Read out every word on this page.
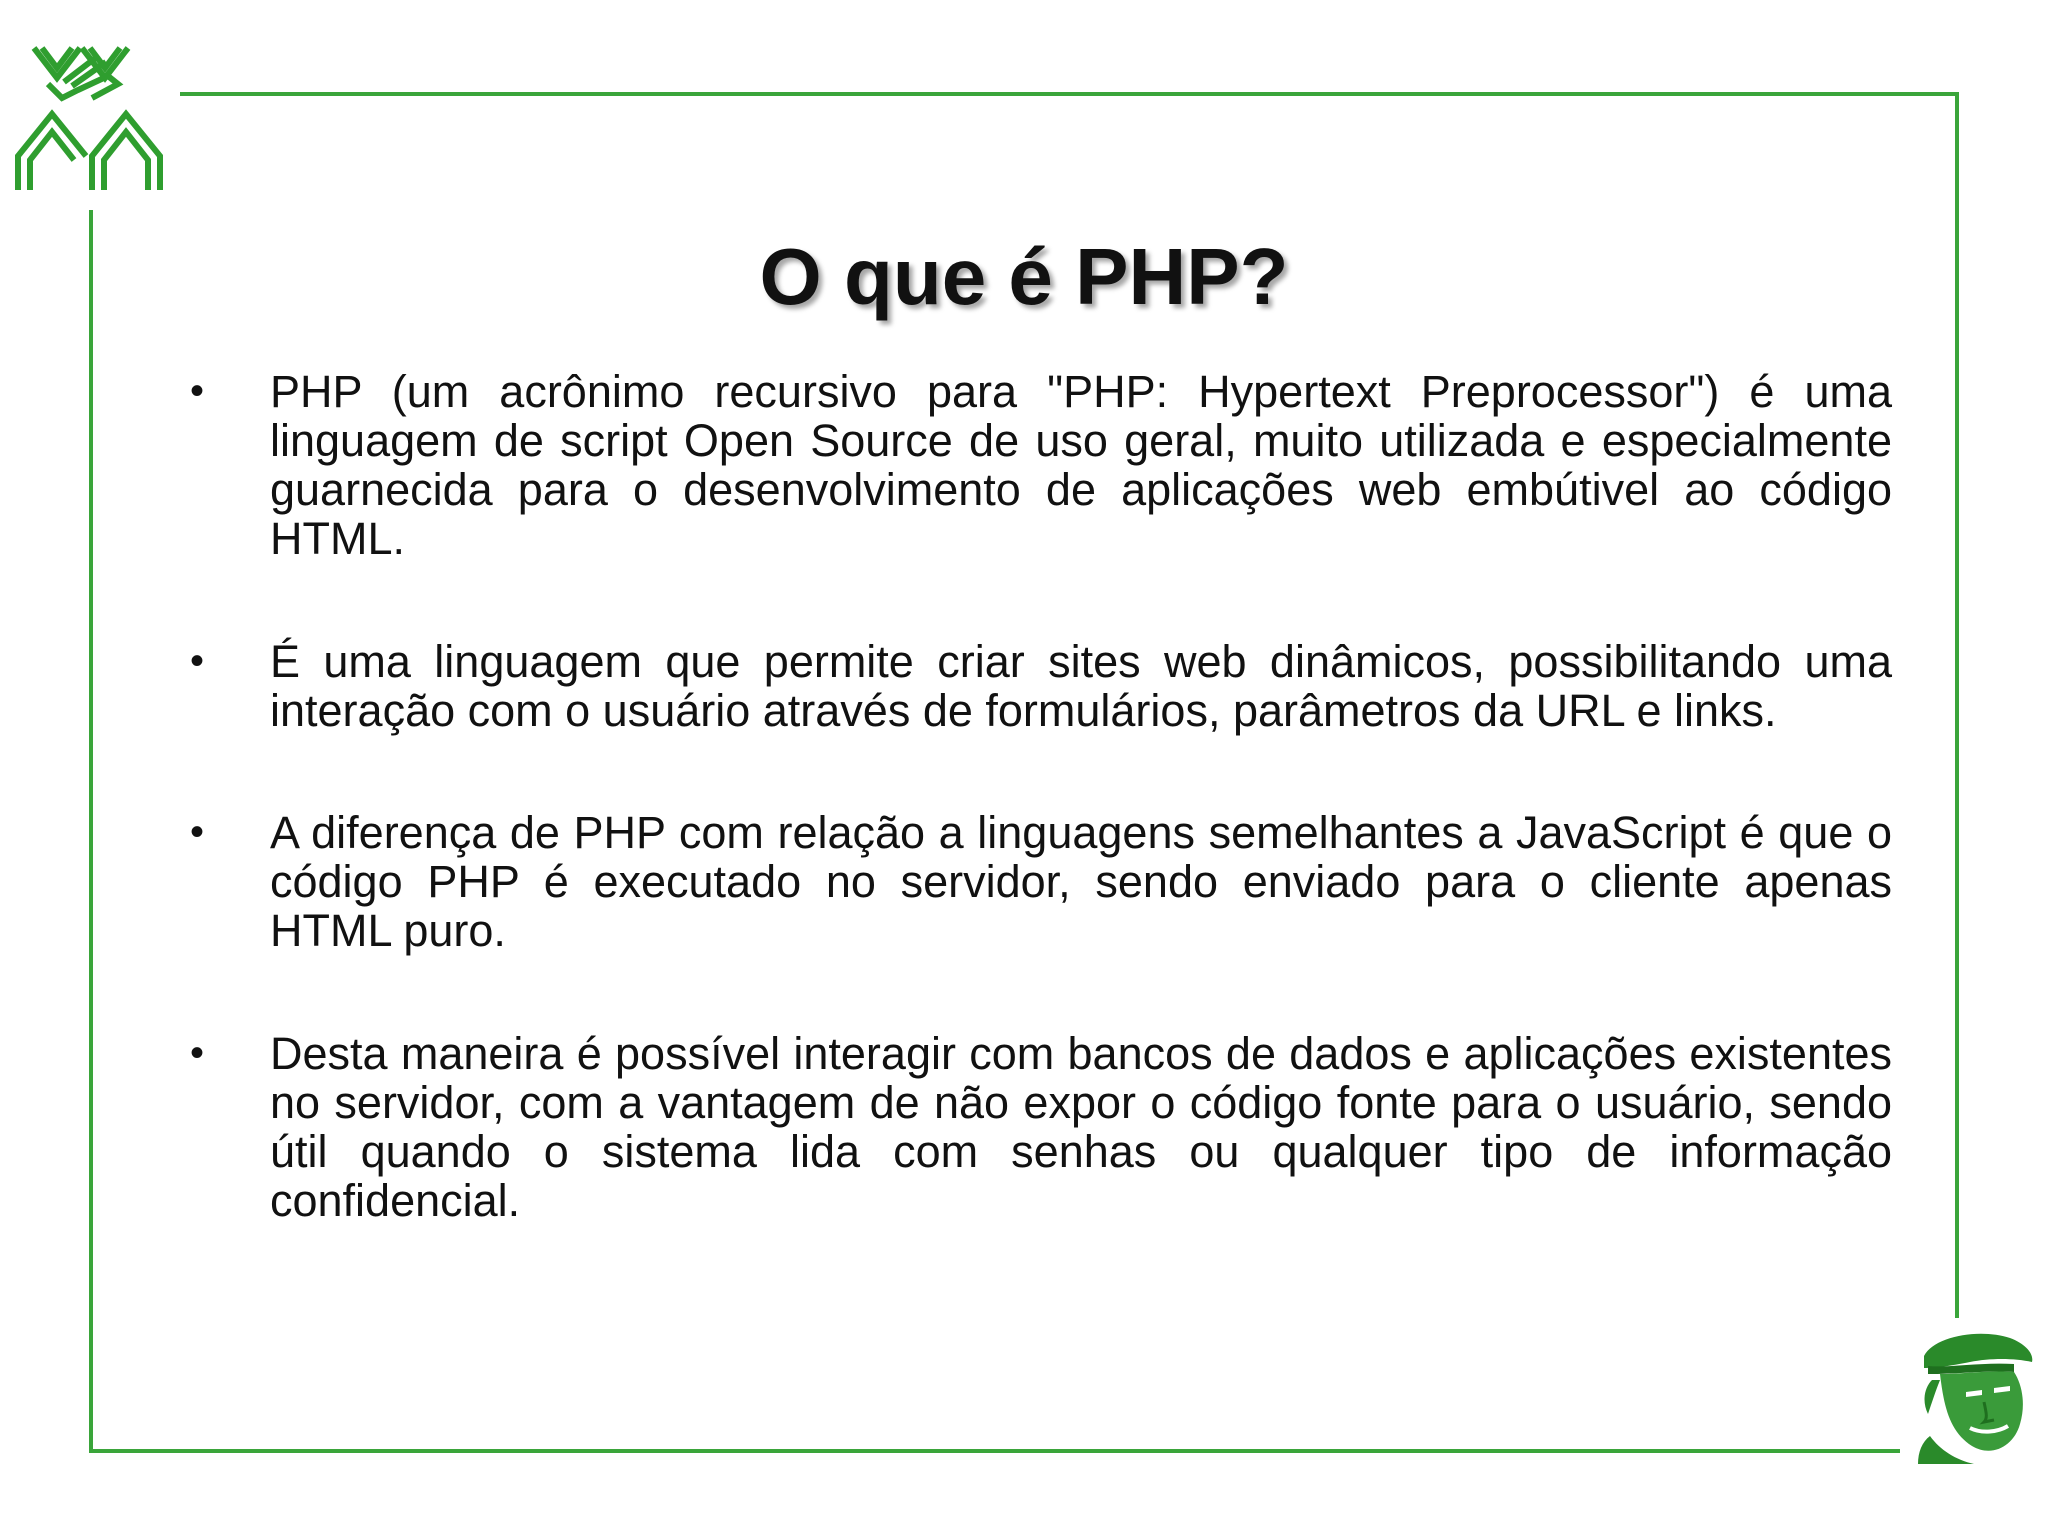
O que é PHP?
• PHP (um acrônimo recursivo para "PHP: Hypertext Preprocessor") é uma linguagem de script Open Source de uso geral, muito utilizada e especialmente guarnecida para o desenvolvimento de aplicações web embútivel ao código HTML.
• É uma linguagem que permite criar sites web dinâmicos, possibilitando uma interação com o usuário através de formulários, parâmetros da URL e links.
• A diferença de PHP com relação a linguagens semelhantes a JavaScript é que o código PHP é executado no servidor, sendo enviado para o cliente apenas HTML puro.
• Desta maneira é possível interagir com bancos de dados e aplicações existentes no servidor, com a vantagem de não expor o código fonte para o usuário, sendo útil quando o sistema lida com senhas ou qualquer tipo de informação confidencial.
